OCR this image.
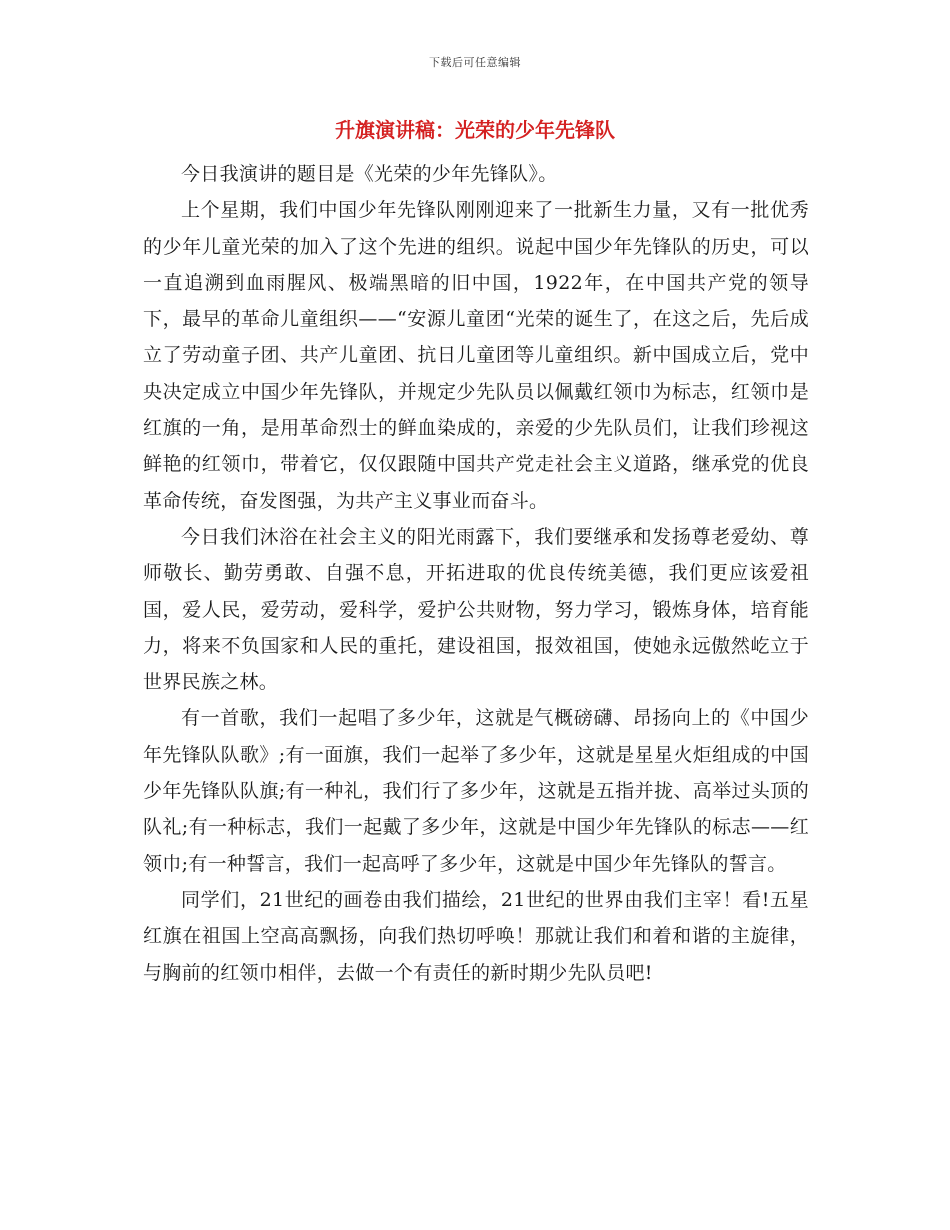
下载后可任意编辑
升旗演讲稿：光荣的少年先锋队

今日我演讲的题目是《光荣的少年先锋队》。

上个星期，我们中国少年先锋队刚刚迎来了一批新生力量，又有一批优秀的少年儿童光荣的加入了这个先进的组织。说起中国少年先锋队的历史，可以一直追溯到血雨腥风、极端黑暗的旧中国，1922年，在中国共产党的领导下，最早的革命儿童组织——“安源儿童团“光荣的诞生了，在这之后，先后成立了劳动童子团、共产儿童团、抗日儿童团等儿童组织。新中国成立后，党中央决定成立中国少年先锋队，并规定少先队员以佩戴红领巾为标志，红领巾是红旗的一角，是用革命烈士的鲜血染成的，亲爱的少先队员们，让我们珍视这鲜艳的红领巾，带着它，仅仅跟随中国共产党走社会主义道路，继承党的优良革命传统，奋发图强，为共产主义事业而奋斗。

今日我们沐浴在社会主义的阳光雨露下，我们要继承和发扬尊老爱幼、尊师敬长、勤劳勇敢、自强不息，开拓进取的优良传统美德，我们更应该爱祖国，爱人民，爱劳动，爱科学，爱护公共财物，努力学习，锻炼身体，培育能力，将来不负国家和人民的重托，建设祖国，报效祖国，使她永远傲然屹立于世界民族之林。

有一首歌，我们一起唱了多少年，这就是气概磅礴、昂扬向上的《中国少年先锋队队歌》;有一面旗，我们一起举了多少年，这就是星星火炬组成的中国少年先锋队队旗;有一种礼，我们行了多少年，这就是五指并拢、高举过头顶的队礼;有一种标志，我们一起戴了多少年，这就是中国少年先锋队的标志——红领巾;有一种誓言，我们一起高呼了多少年，这就是中国少年先锋队的誓言。

同学们，21世纪的画卷由我们描绘，21世纪的世界由我们主宰！看!五星红旗在祖国上空高高飘扬，向我们热切呼唤！那就让我们和着和谐的主旋律，与胸前的红领巾相伴，去做一个有责任的新时期少先队员吧!
